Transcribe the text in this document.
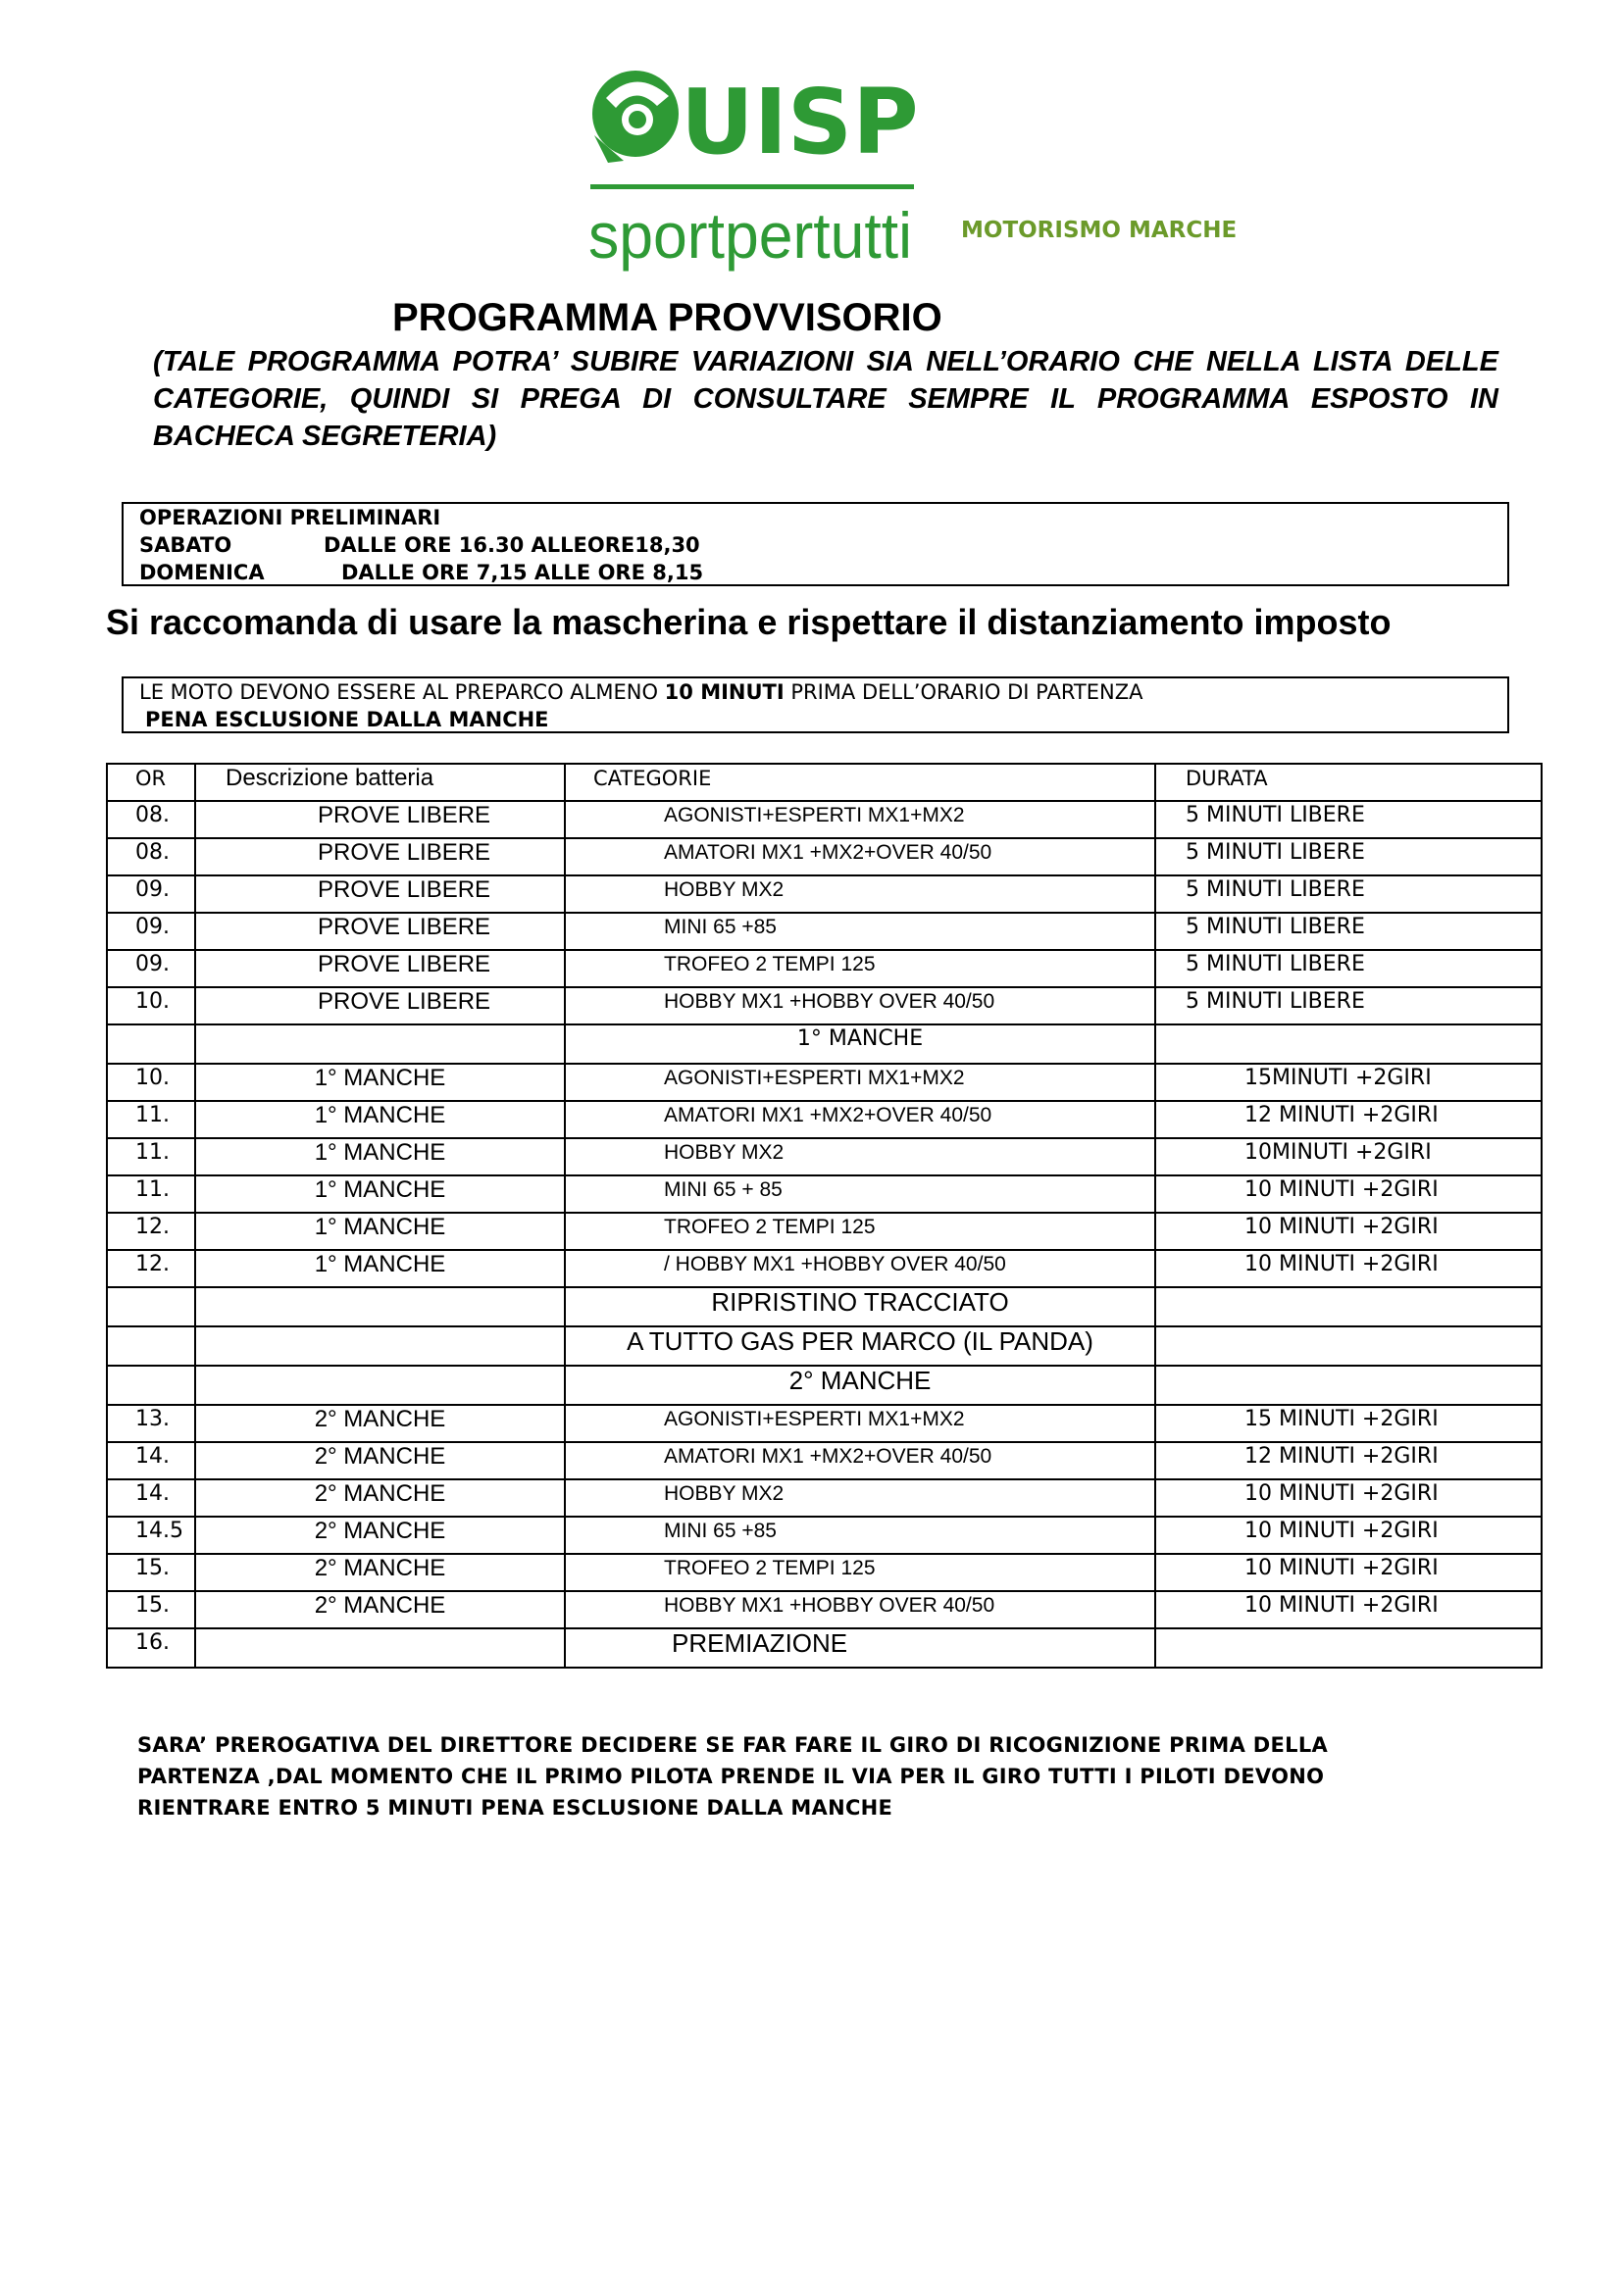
UISP
sportpertutti MOTORISMO MARCHE
PROGRAMMA PROVVISORIO
(TALE PROGRAMMA POTRA’ SUBIRE VARIAZIONI SIA NELL’ORARIO CHE NELLA LISTA DELLE CATEGORIE, QUINDI SI PREGA DI CONSULTARE SEMPRE IL PROGRAMMA ESPOSTO IN BACHECA SEGRETERIA)
OPERAZIONI PRELIMINARI
SABATO	DALLE ORE 16.30 ALLEORE18,30
DOMENICA	DALLE ORE 7,15 ALLE ORE 8,15
Si raccomanda di usare la mascherina e rispettare il distanziamento imposto
LE MOTO DEVONO ESSERE AL PREPARCO ALMENO 10 MINUTI PRIMA DELL’ORARIO DI PARTENZA
PENA ESCLUSIONE DALLA MANCHE
OR	Descrizione batteria	CATEGORIE	DURATA
08.	PROVE LIBERE	AGONISTI+ESPERTI MX1+MX2	5 MINUTI LIBERE
08.	PROVE LIBERE	AMATORI MX1 +MX2+OVER 40/50	5 MINUTI LIBERE
09.	PROVE LIBERE	HOBBY MX2	5 MINUTI LIBERE
09.	PROVE LIBERE	MINI 65 +85	5 MINUTI LIBERE
09.	PROVE LIBERE	TROFEO 2 TEMPI 125	5 MINUTI LIBERE
10.	PROVE LIBERE	HOBBY MX1 +HOBBY OVER 40/50	5 MINUTI LIBERE
		1° MANCHE	
10.	1° MANCHE	AGONISTI+ESPERTI MX1+MX2	15MINUTI +2GIRI
11.	1° MANCHE	AMATORI MX1 +MX2+OVER 40/50	12 MINUTI +2GIRI
11.	1° MANCHE	HOBBY MX2	10MINUTI +2GIRI
11.	1° MANCHE	MINI 65 + 85	10 MINUTI +2GIRI
12.	1° MANCHE	TROFEO 2 TEMPI 125	10 MINUTI +2GIRI
12.	1° MANCHE	/ HOBBY MX1 +HOBBY OVER 40/50	10 MINUTI +2GIRI
		RIPRISTINO TRACCIATO	
		A TUTTO GAS PER MARCO (IL PANDA)	
		2° MANCHE	
13.	2° MANCHE	AGONISTI+ESPERTI MX1+MX2	15 MINUTI +2GIRI
14.	2° MANCHE	AMATORI MX1 +MX2+OVER 40/50	12 MINUTI +2GIRI
14.	2° MANCHE	HOBBY MX2	10 MINUTI +2GIRI
14.5	2° MANCHE	MINI 65 +85	10 MINUTI +2GIRI
15.	2° MANCHE	TROFEO 2 TEMPI 125	10 MINUTI +2GIRI
15.	2° MANCHE	HOBBY MX1 +HOBBY OVER 40/50	10 MINUTI +2GIRI
16.		PREMIAZIONE	
SARA’ PREROGATIVA DEL DIRETTORE DECIDERE SE FAR FARE IL GIRO DI RICOGNIZIONE PRIMA DELLA PARTENZA ,DAL MOMENTO CHE IL PRIMO PILOTA PRENDE IL VIA PER IL GIRO TUTTI I PILOTI DEVONO RIENTRARE ENTRO 5 MINUTI PENA ESCLUSIONE DALLA MANCHE
